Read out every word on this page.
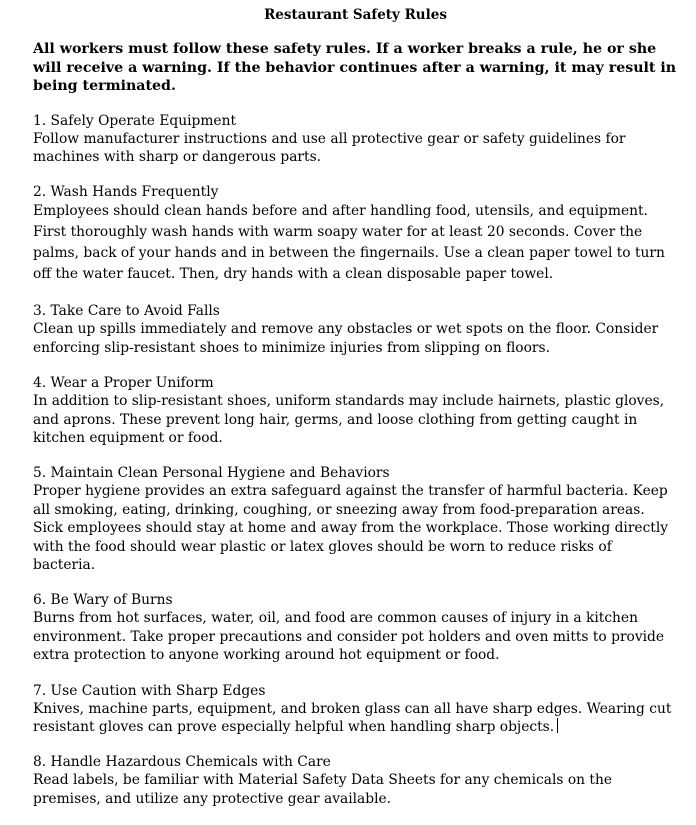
Restaurant Safety Rules
All workers must follow these safety rules. If a worker breaks a rule, he or she will receive a warning. If the behavior continues after a warning, it may result in being terminated.
1. Safely Operate Equipment
Follow manufacturer instructions and use all protective gear or safety guidelines for machines with sharp or dangerous parts.
2. Wash Hands Frequently
Employees should clean hands before and after handling food, utensils, and equipment. First thoroughly wash hands with warm soapy water for at least 20 seconds. Cover the palms, back of your hands and in between the fingernails. Use a clean paper towel to turn off the water faucet. Then, dry hands with a clean disposable paper towel.
3. Take Care to Avoid Falls
Clean up spills immediately and remove any obstacles or wet spots on the floor. Consider enforcing slip-resistant shoes to minimize injuries from slipping on floors.
4. Wear a Proper Uniform
In addition to slip-resistant shoes, uniform standards may include hairnets, plastic gloves, and aprons. These prevent long hair, germs, and loose clothing from getting caught in kitchen equipment or food.
5. Maintain Clean Personal Hygiene and Behaviors
Proper hygiene provides an extra safeguard against the transfer of harmful bacteria. Keep all smoking, eating, drinking, coughing, or sneezing away from food-preparation areas. Sick employees should stay at home and away from the workplace. Those working directly with the food should wear plastic or latex gloves should be worn to reduce risks of bacteria.
6. Be Wary of Burns
Burns from hot surfaces, water, oil, and food are common causes of injury in a kitchen environment. Take proper precautions and consider pot holders and oven mitts to provide extra protection to anyone working around hot equipment or food.
7. Use Caution with Sharp Edges
Knives, machine parts, equipment, and broken glass can all have sharp edges. Wearing cut resistant gloves can prove especially helpful when handling sharp objects.
8. Handle Hazardous Chemicals with Care
Read labels, be familiar with Material Safety Data Sheets for any chemicals on the premises, and utilize any protective gear available.
